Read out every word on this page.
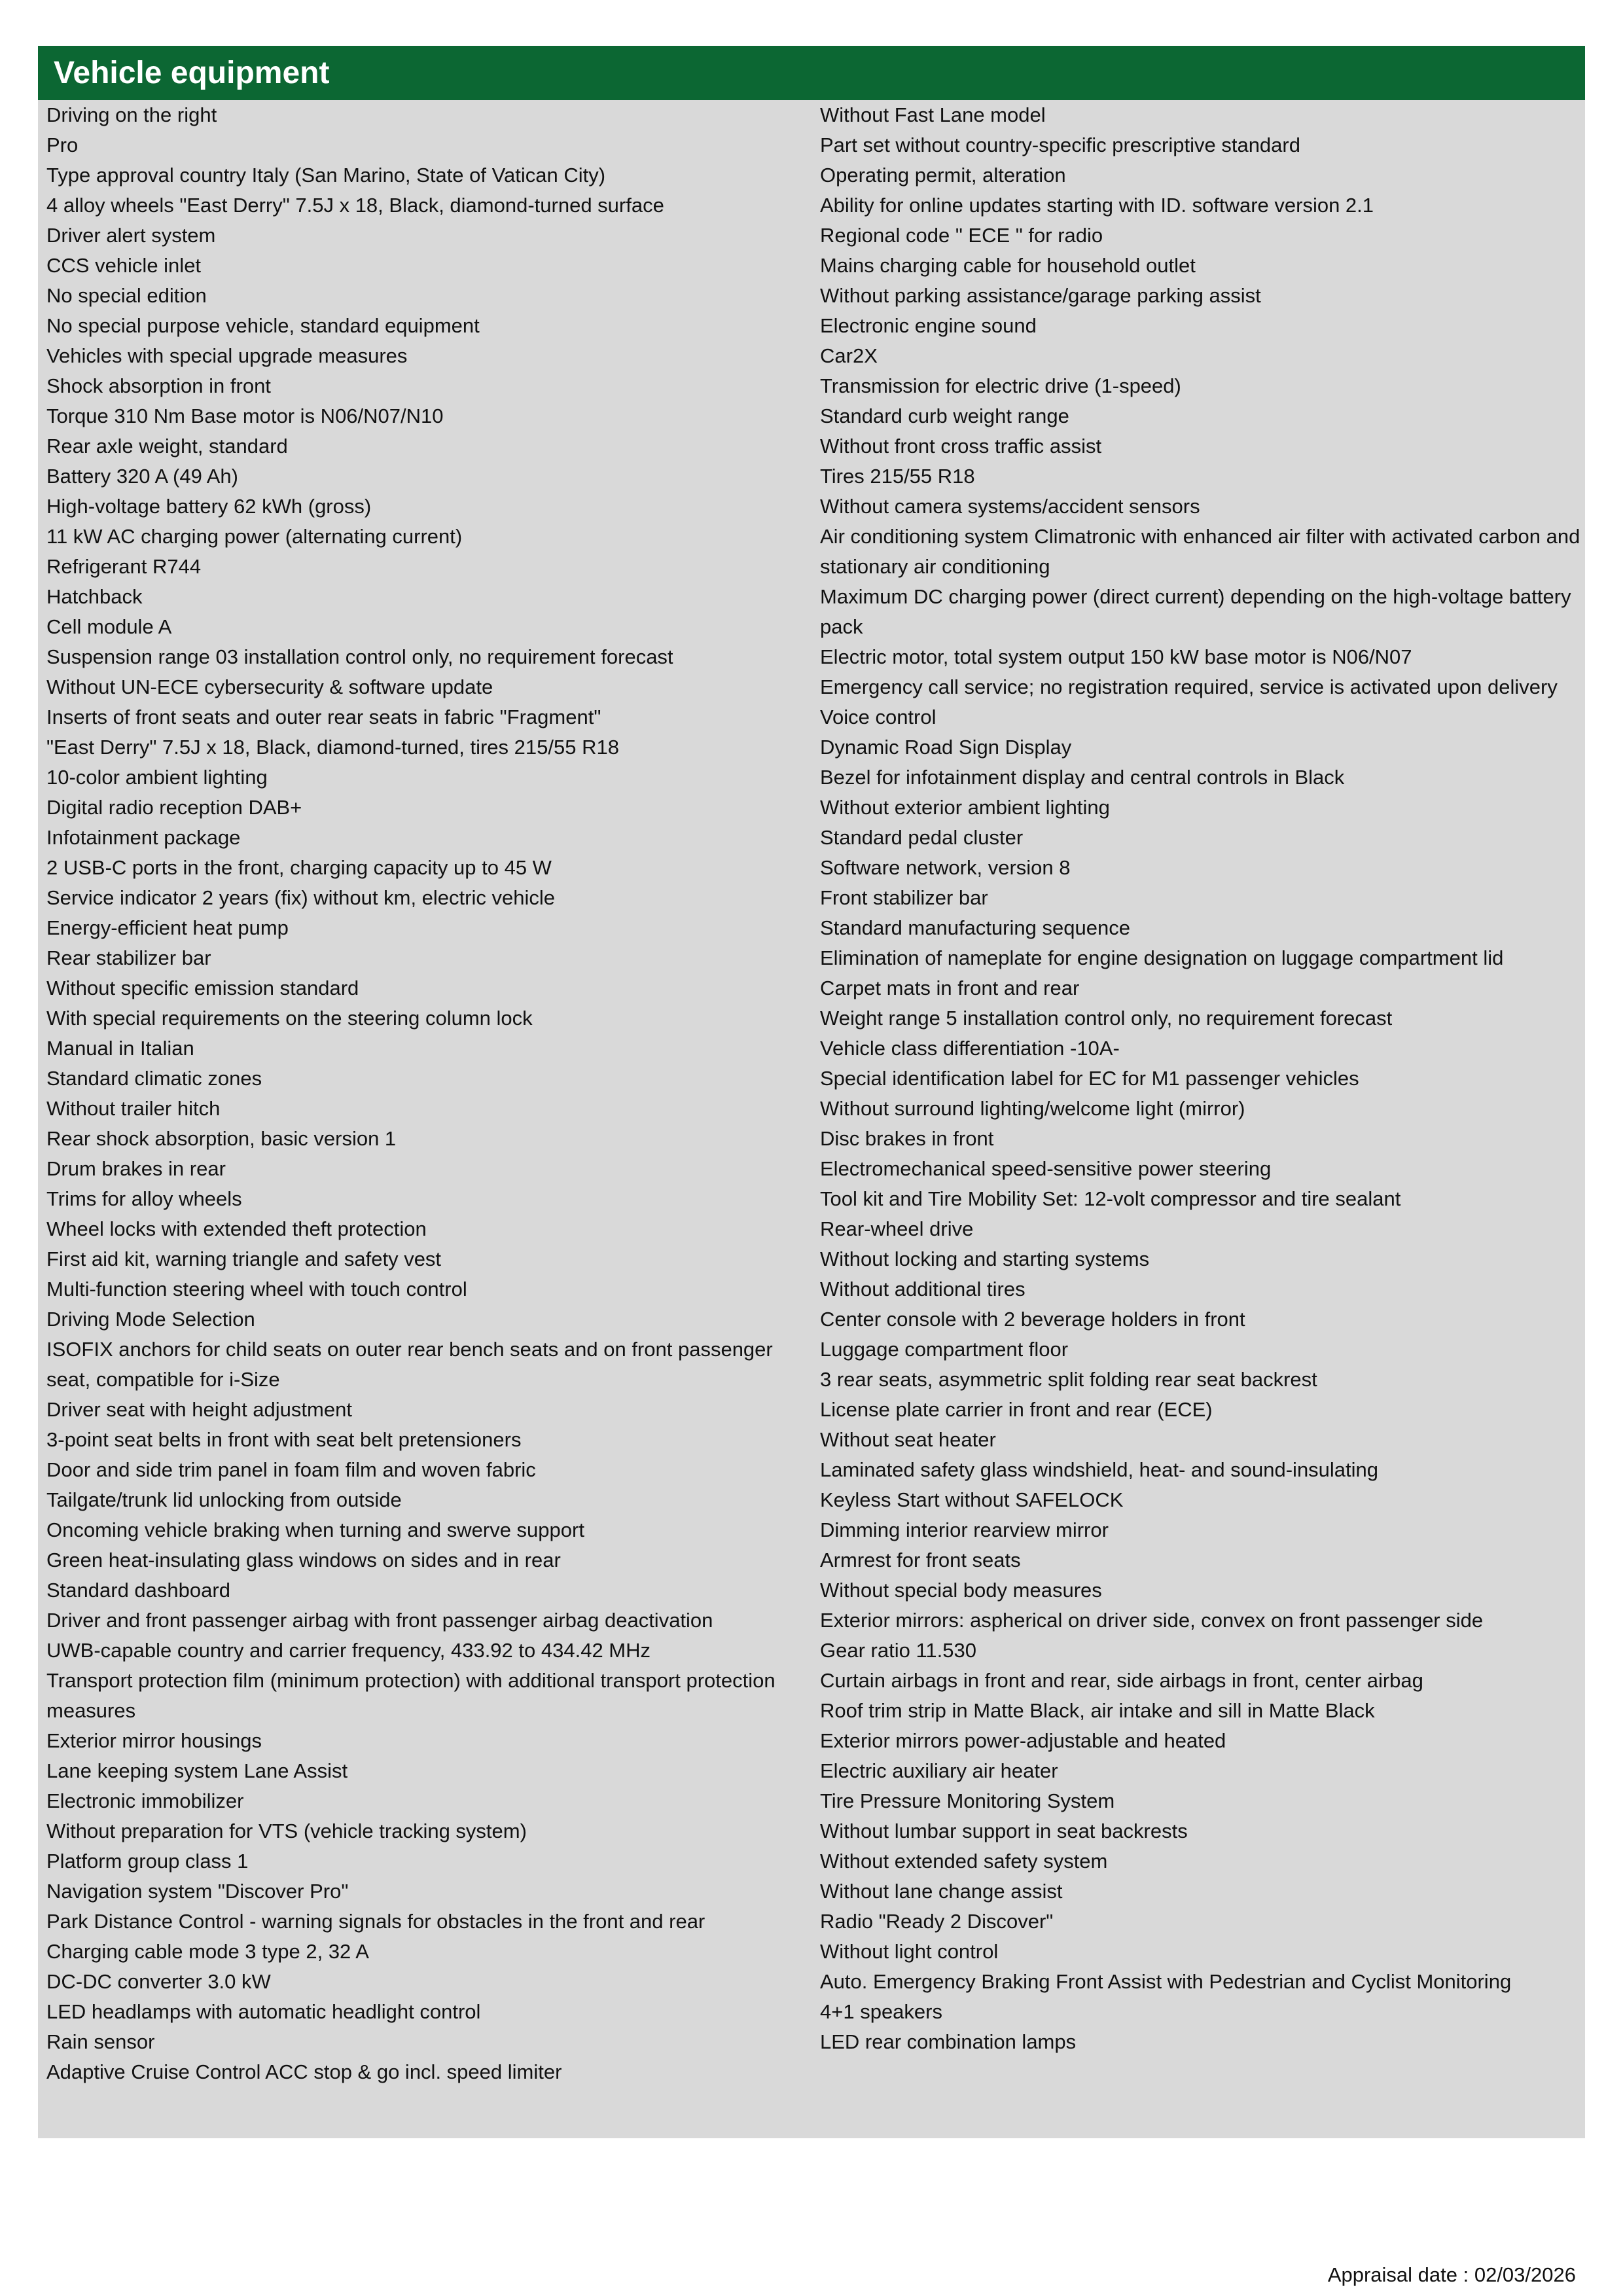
Vehicle equipment
Driving on the right
Pro
Type approval country Italy (San Marino, State of Vatican City)
4 alloy wheels "East Derry" 7.5J x 18, Black, diamond-turned surface
Driver alert system
CCS vehicle inlet
No special edition
No special purpose vehicle, standard equipment
Vehicles with special upgrade measures
Shock absorption in front
Torque 310 Nm Base motor is N06/N07/N10
Rear axle weight, standard
Battery 320 A (49 Ah)
High-voltage battery 62 kWh (gross)
11 kW AC charging power (alternating current)
Refrigerant R744
Hatchback
Cell module A
Suspension range 03 installation control only, no requirement forecast
Without UN-ECE cybersecurity & software update
Inserts of front seats and outer rear seats in fabric "Fragment"
"East Derry" 7.5J x 18, Black, diamond-turned, tires 215/55 R18
10-color ambient lighting
Digital radio reception DAB+
Infotainment package
2 USB-C ports in the front, charging capacity up to 45 W
Service indicator 2 years (fix) without km, electric vehicle
Energy-efficient heat pump
Rear stabilizer bar
Without specific emission standard
With special requirements on the steering column lock
Manual in Italian
Standard climatic zones
Without trailer hitch
Rear shock absorption, basic version 1
Drum brakes in rear
Trims for alloy wheels
Wheel locks with extended theft protection
First aid kit, warning triangle and safety vest
Multi-function steering wheel with touch control
Driving Mode Selection
ISOFIX anchors for child seats on outer rear bench seats and on front passenger seat, compatible for i-Size
Driver seat with height adjustment
3-point seat belts in front with seat belt pretensioners
Door and side trim panel in foam film and woven fabric
Tailgate/trunk lid unlocking from outside
Oncoming vehicle braking when turning and swerve support
Green heat-insulating glass windows on sides and in rear
Standard dashboard
Driver and front passenger airbag with front passenger airbag deactivation
UWB-capable country and carrier frequency, 433.92 to 434.42 MHz
Transport protection film (minimum protection) with additional transport protection measures
Exterior mirror housings
Lane keeping system Lane Assist
Electronic immobilizer
Without preparation for VTS (vehicle tracking system)
Platform group class 1
Navigation system "Discover Pro"
Park Distance Control - warning signals for obstacles in the front and rear
Charging cable mode 3 type 2, 32 A
DC-DC converter 3.0 kW
LED headlamps with automatic headlight control
Rain sensor
Adaptive Cruise Control ACC stop & go incl. speed limiter
Without Fast Lane model
Part set without country-specific prescriptive standard
Operating permit, alteration
Ability for online updates starting with ID. software version 2.1
Regional code " ECE " for radio
Mains charging cable for household outlet
Without parking assistance/garage parking assist
Electronic engine sound
Car2X
Transmission for electric drive (1-speed)
Standard curb weight range
Without front cross traffic assist
Tires 215/55 R18
Without camera systems/accident sensors
Air conditioning system Climatronic with enhanced air filter with activated carbon and stationary air conditioning
Maximum DC charging power (direct current) depending on the high-voltage battery pack
Electric motor, total system output 150 kW base motor is N06/N07
Emergency call service; no registration required, service is activated upon delivery
Voice control
Dynamic Road Sign Display
Bezel for infotainment display and central controls in Black
Without exterior ambient lighting
Standard pedal cluster
Software network, version 8
Front stabilizer bar
Standard manufacturing sequence
Elimination of nameplate for engine designation on luggage compartment lid
Carpet mats in front and rear
Weight range 5 installation control only, no requirement forecast
Vehicle class differentiation -10A-
Special identification label for EC for M1 passenger vehicles
Without surround lighting/welcome light (mirror)
Disc brakes in front
Electromechanical speed-sensitive power steering
Tool kit and Tire Mobility Set: 12-volt compressor and tire sealant
Rear-wheel drive
Without locking and starting systems
Without additional tires
Center console with 2 beverage holders in front
Luggage compartment floor
3 rear seats, asymmetric split folding rear seat backrest
License plate carrier in front and rear (ECE)
Without seat heater
Laminated safety glass windshield, heat- and sound-insulating
Keyless Start without SAFELOCK
Dimming interior rearview mirror
Armrest for front seats
Without special body measures
Exterior mirrors: aspherical on driver side, convex on front passenger side
Gear ratio 11.530
Curtain airbags in front and rear, side airbags in front, center airbag
Roof trim strip in Matte Black, air intake and sill in Matte Black
Exterior mirrors power-adjustable and heated
Electric auxiliary air heater
Tire Pressure Monitoring System
Without lumbar support in seat backrests
Without extended safety system
Without lane change assist
Radio "Ready 2 Discover"
Without light control
Auto. Emergency Braking Front Assist with Pedestrian and Cyclist Monitoring
4+1 speakers
LED rear combination lamps
Appraisal date : 02/03/2026
